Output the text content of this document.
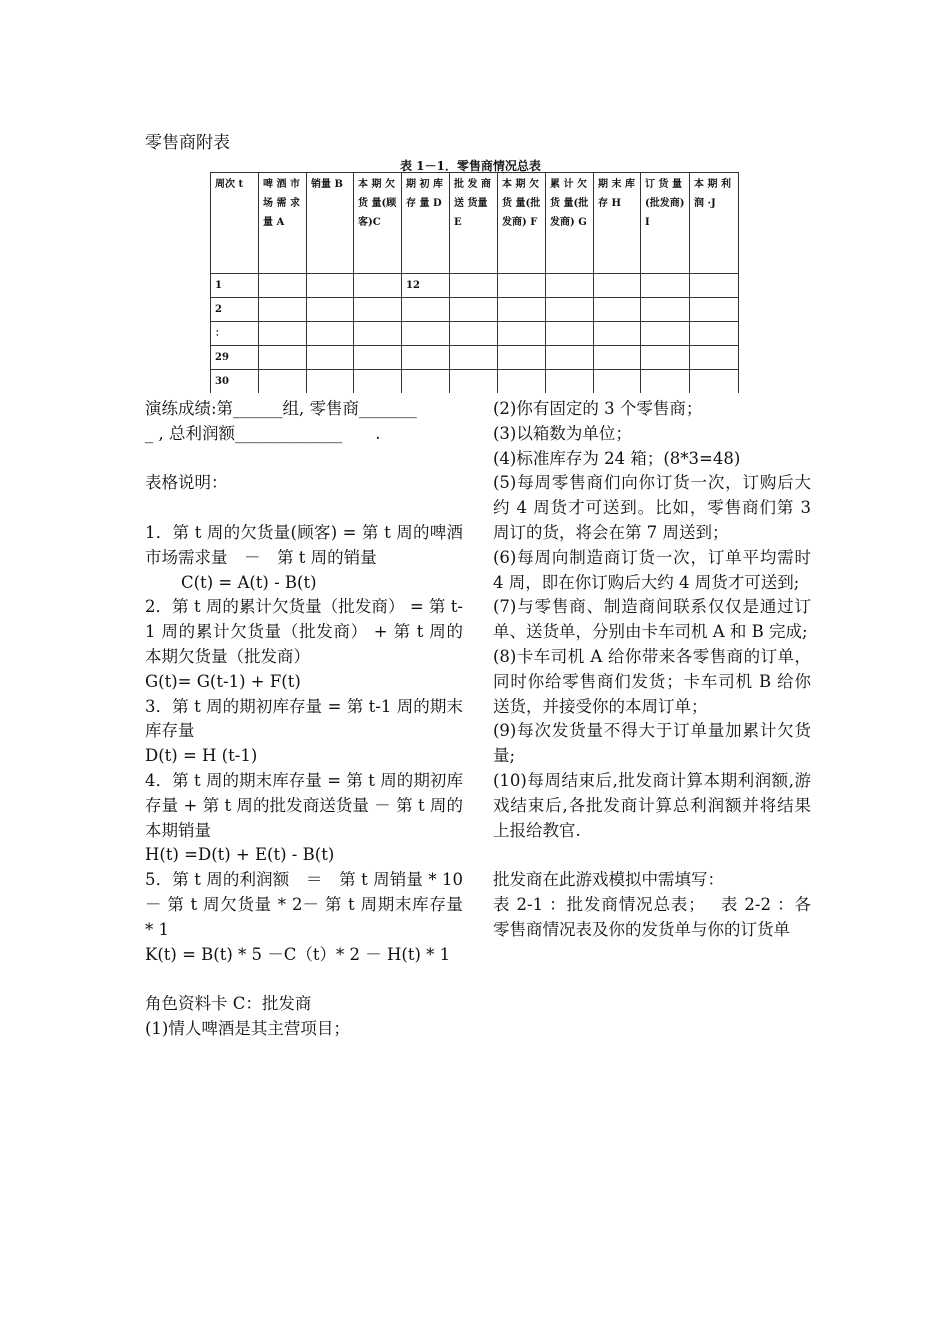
零售商附表
表 1－1．零售商情况总表
周次 t	啤 酒 市 场 需 求 量 A	销量 B	本 期 欠 货 量(顾客)C	期 初 库 存 量 D	批 发 商 送 货量 E	本 期 欠 货 量(批发商) F	累 计 欠 货 量(批发商) G	期 末 库 存 H	订 货 量(批发商)I	本 期 利润 ·J
1				12						
2										
：										
29										
30										

演练成绩:第______组, 零售商_______

_ , 总利润额_____________　　.

表格说明：

1．第 t 周的欠货量(顾客) = 第 t 周的啤酒市场需求量　－　第 t 周的销量

C(t) = A(t) - B(t)

2．第 t 周的累计欠货量（批发商） = 第 t-1 周的累计欠货量（批发商） + 第 t 周的本期欠货量（批发商）

G(t)= G(t-1) + F(t)

3．第 t 周的期初库存量 = 第 t-1 周的期末库存量

D(t) = H (t-1)

4．第 t 周的期末库存量 = 第 t 周的期初库存量 + 第 t 周的批发商送货量 － 第 t 周的本期销量

H(t) =D(t) + E(t) - B(t)

5．第 t 周的利润额　＝　第 t 周销量 * 10－ 第 t 周欠货量 * 2－ 第 t 周期末库存量 * 1

K(t) = B(t) * 5 －C（t）* 2 － H(t) * 1

角色资料卡 C：批发商

(1)情人啤酒是其主营项目；

(2)你有固定的 3 个零售商；

(3)以箱数为单位；

(4)标准库存为 24 箱；(8*3=48)

(5)每周零售商们向你订货一次，订购后大约 4 周货才可送到。比如，零售商们第 3 周订的货，将会在第 7 周送到；

(6)每周向制造商订货一次，订单平均需时 4 周，即在你订购后大约 4 周货才可送到;

(7)与零售商、制造商间联系仅仅是通过订单、送货单，分别由卡车司机 A 和 B 完成;

(8)卡车司机 A 给你带来各零售商的订单，同时你给零售商们发货；卡车司机 B 给你送货，并接受你的本周订单；

(9)每次发货量不得大于订单量加累计欠货量;

(10)每周结束后,批发商计算本期利润额,游戏结束后,各批发商计算总利润额并将结果上报给教官.

批发商在此游戏模拟中需填写：

表 2-1 ：批发商情况总表；　 表 2-2 ：各零售商情况表及你的发货单与你的订货单
